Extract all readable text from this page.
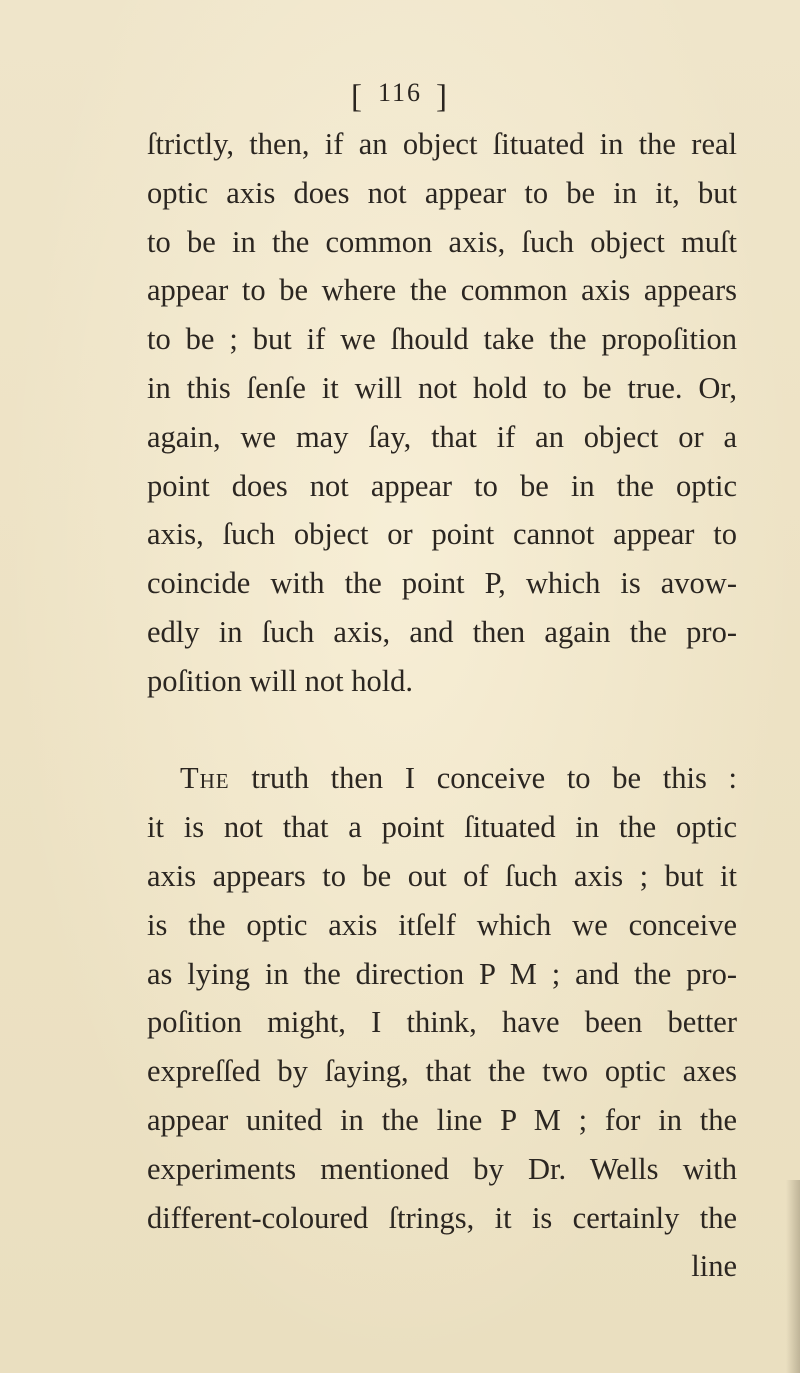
[ 116 ]
ſtrictly, then, if an object ſituated in the real
optic axis does not appear to be in it, but
to be in the common axis, ſuch object muſt
appear to be where the common axis appears
to be ; but if we ſhould take the propoſition
in this ſenſe it will not hold to be true. Or,
again, we may ſay, that if an object or a
point does not appear to be in the optic
axis, ſuch object or point cannot appear to
coincide with the point P, which is avow-
edly in ſuch axis, and then again the pro-
poſition will not hold.
The truth then I conceive to be this :
it is not that a point ſituated in the optic
axis appears to be out of ſuch axis ; but it
is the optic axis itſelf which we conceive
as lying in the direction P M ; and the pro-
poſition might, I think, have been better
expreſſed by ſaying, that the two optic axes
appear united in the line P M ; for in the
experiments mentioned by Dr. Wells with
different-coloured ſtrings, it is certainly the
line
